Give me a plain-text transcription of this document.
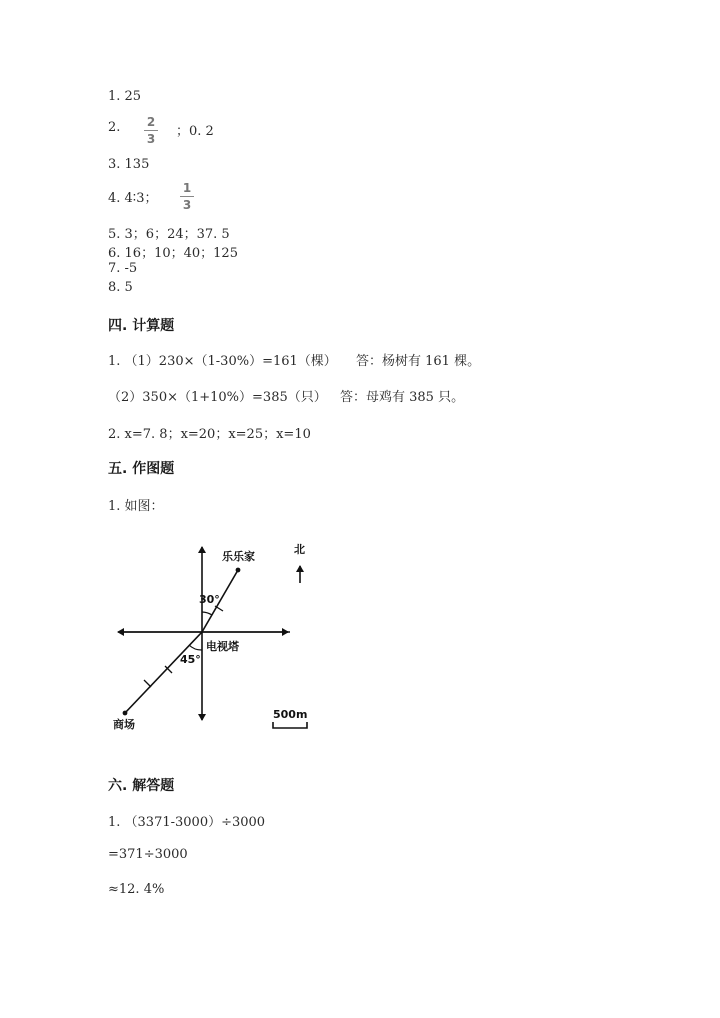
1. 25
2.	2
3 ；0. 2
3. 135
4. 4∶3；
1
3
5. 3；6；24；37. 5
6. 16；10；40；125
7. -5
8. 5
四. 计算题
1. （1）230×（1-30%）=161（棵） 答：杨树有 161 棵。
（2）350×（1+10%）=385（只） 答：母鸡有 385 只。
2. x=7. 8；x=20；x=25；x=10
五. 作图题
1. 如图：
乐乐家
北
30°
电视塔
45°
商场
500m
六. 解答题
1. （3371-3000）÷3000
=371÷3000
≈12. 4%
